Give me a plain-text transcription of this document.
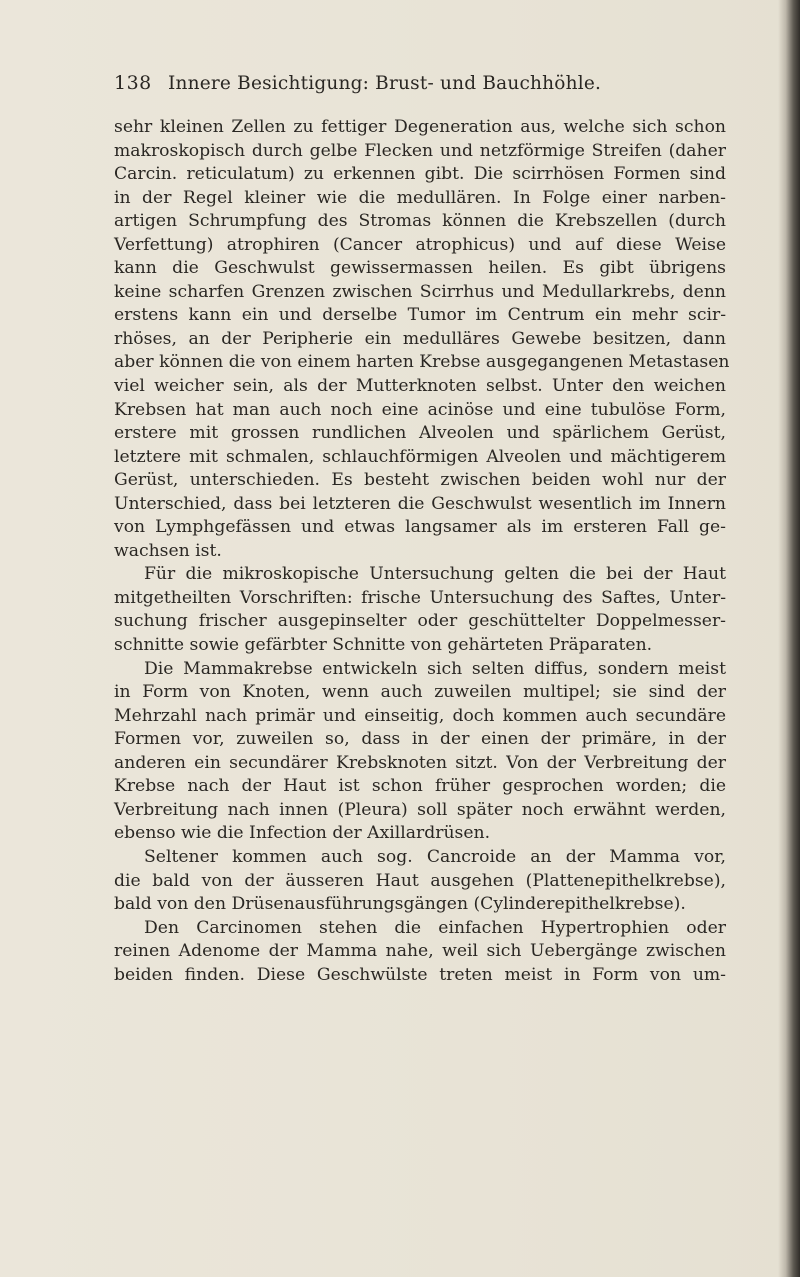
138 Innere Besichtigung: Brust- und Bauchhöhle.
sehr kleinen Zellen zu fettiger Degeneration aus, welche sich schon
makroskopisch durch gelbe Flecken und netzförmige Streifen (daher
Carcin. reticulatum) zu erkennen gibt. Die scirrhösen Formen sind
in der Regel kleiner wie die medullären. In Folge einer narben-
artigen Schrumpfung des Stromas können die Krebszellen (durch
Verfettung) atrophiren (Cancer atrophicus) und auf diese Weise
kann die Geschwulst gewissermassen heilen. Es gibt übrigens
keine scharfen Grenzen zwischen Scirrhus und Medullarkrebs, denn
erstens kann ein und derselbe Tumor im Centrum ein mehr scir-
rhöses, an der Peripherie ein medulläres Gewebe besitzen, dann
aber können die von einem harten Krebse ausgegangenen Metastasen
viel weicher sein, als der Mutterknoten selbst. Unter den weichen
Krebsen hat man auch noch eine acinöse und eine tubulöse Form,
erstere mit grossen rundlichen Alveolen und spärlichem Gerüst,
letztere mit schmalen, schlauchförmigen Alveolen und mächtigerem
Gerüst, unterschieden. Es besteht zwischen beiden wohl nur der
Unterschied, dass bei letzteren die Geschwulst wesentlich im Innern
von Lymphgefässen und etwas langsamer als im ersteren Fall ge-
wachsen ist.
Für die mikroskopische Untersuchung gelten die bei der Haut
mitgetheilten Vorschriften: frische Untersuchung des Saftes, Unter-
suchung frischer ausgepinselter oder geschüttelter Doppelmesser-
schnitte sowie gefärbter Schnitte von gehärteten Präparaten.
Die Mammakrebse entwickeln sich selten diffus, sondern meist
in Form von Knoten, wenn auch zuweilen multipel; sie sind der
Mehrzahl nach primär und einseitig, doch kommen auch secundäre
Formen vor, zuweilen so, dass in der einen der primäre, in der
anderen ein secundärer Krebsknoten sitzt. Von der Verbreitung der
Krebse nach der Haut ist schon früher gesprochen worden; die
Verbreitung nach innen (Pleura) soll später noch erwähnt werden,
ebenso wie die Infection der Axillardrüsen.
Seltener kommen auch sog. Cancroide an der Mamma vor,
die bald von der äusseren Haut ausgehen (Plattenepithelkrebse),
bald von den Drüsenausführungsgängen (Cylinderepithelkrebse).
Den Carcinomen stehen die einfachen Hypertrophien oder
reinen Adenome der Mamma nahe, weil sich Uebergänge zwischen
beiden finden. Diese Geschwülste treten meist in Form von um-
